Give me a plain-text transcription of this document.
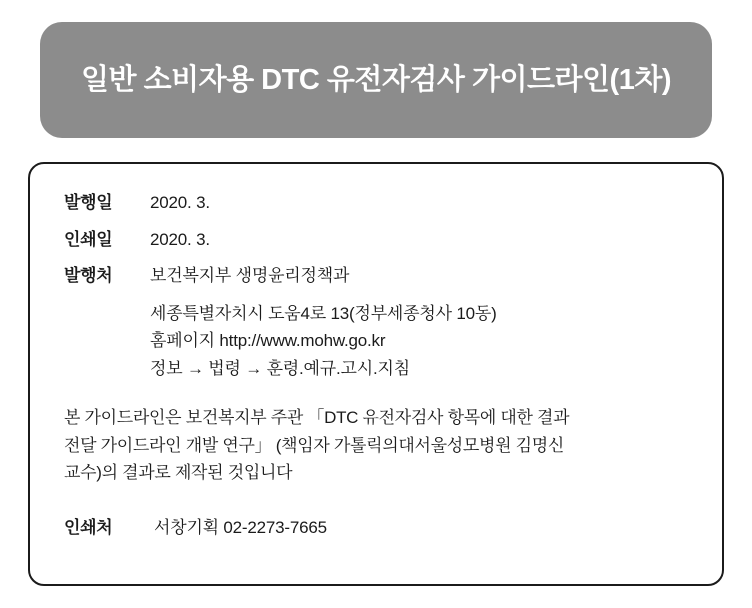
일반 소비자용 DTC 유전자검사 가이드라인(1차)
발행일	2020. 3.
인쇄일	2020. 3.
발행처	보건복지부 생명윤리정책과
세종특별자치시 도움4로 13(정부세종청사 10동)
홈페이지 http://www.mohw.go.kr
정보 → 법령 → 훈령.예규.고시.지침
본 가이드라인은 보건복지부 주관 「DTC 유전자검사 항목에 대한 결과
전달 가이드라인 개발 연구」 (책임자 가톨릭의대서울성모병원 김명신
교수)의 결과로 제작된 것입니다
인쇄처	서창기획 02-2273-7665
